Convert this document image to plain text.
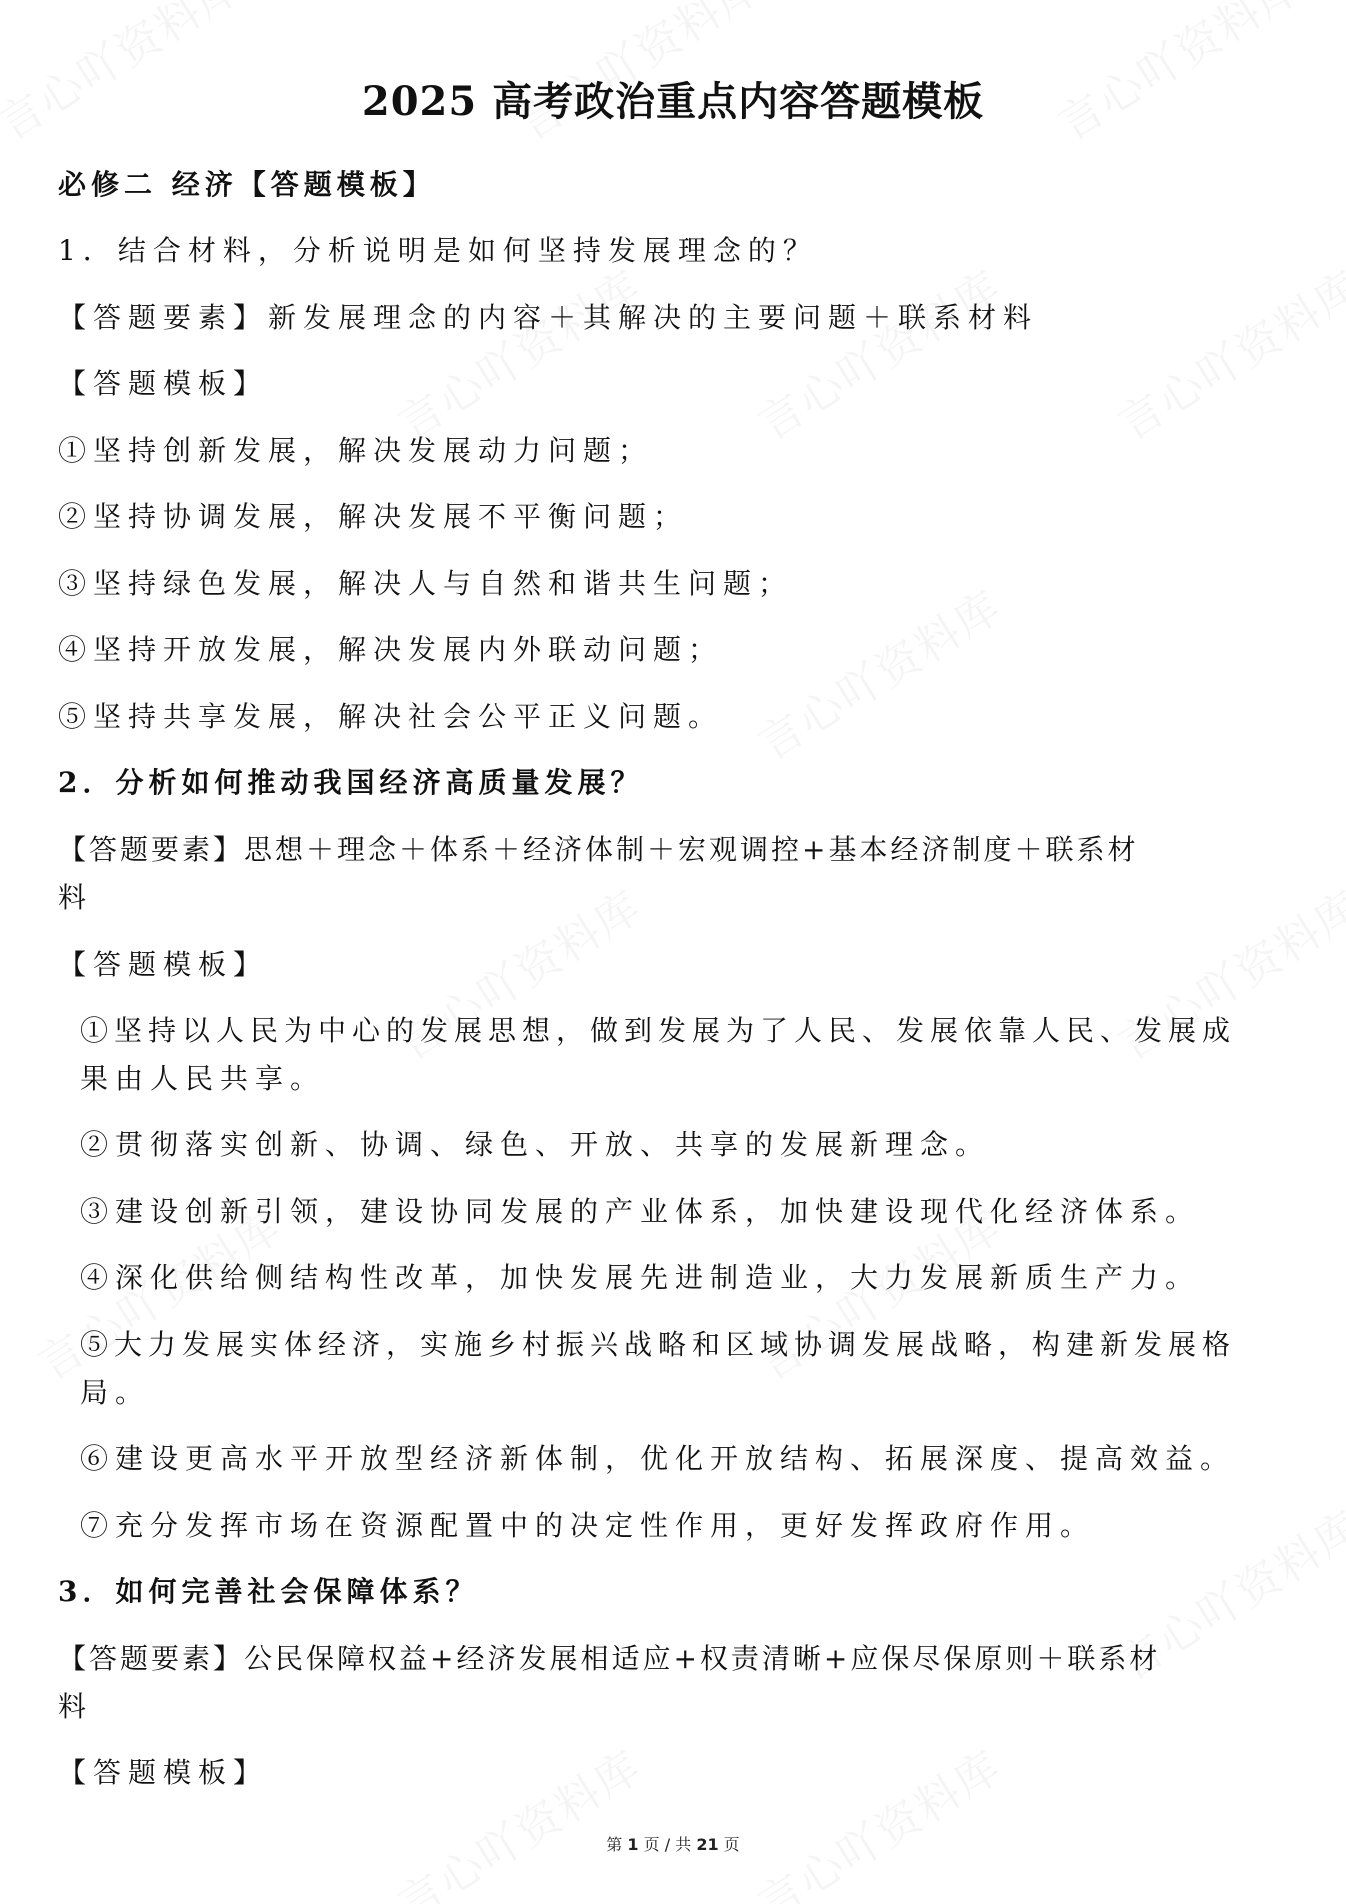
2025 高考政治重点内容答题模板
必修二 经济【答题模板】
1．结合材料，分析说明是如何坚持发展理念的？
【答题要素】新发展理念的内容＋其解决的主要问题＋联系材料
【答题模板】
①坚持创新发展，解决发展动力问题；
②坚持协调发展，解决发展不平衡问题；
③坚持绿色发展，解决人与自然和谐共生问题；
④坚持开放发展，解决发展内外联动问题；
⑤坚持共享发展，解决社会公平正义问题。
2．分析如何推动我国经济高质量发展？
【答题要素】思想＋理念＋体系＋经济体制＋宏观调控+基本经济制度＋联系材
料
【答题模板】
①坚持以人民为中心的发展思想，做到发展为了人民、发展依靠人民、发展成
果由人民共享。
②贯彻落实创新、协调、绿色、开放、共享的发展新理念。
③建设创新引领，建设协同发展的产业体系，加快建设现代化经济体系。
④深化供给侧结构性改革，加快发展先进制造业，大力发展新质生产力。
⑤大力发展实体经济，实施乡村振兴战略和区域协调发展战略，构建新发展格
局。
⑥建设更高水平开放型经济新体制，优化开放结构、拓展深度、提高效益。
⑦充分发挥市场在资源配置中的决定性作用，更好发挥政府作用。
3．如何完善社会保障体系？
【答题要素】公民保障权益+经济发展相适应+权责清晰+应保尽保原则＋联系材
料
【答题模板】
第 1 页 / 共 21 页
